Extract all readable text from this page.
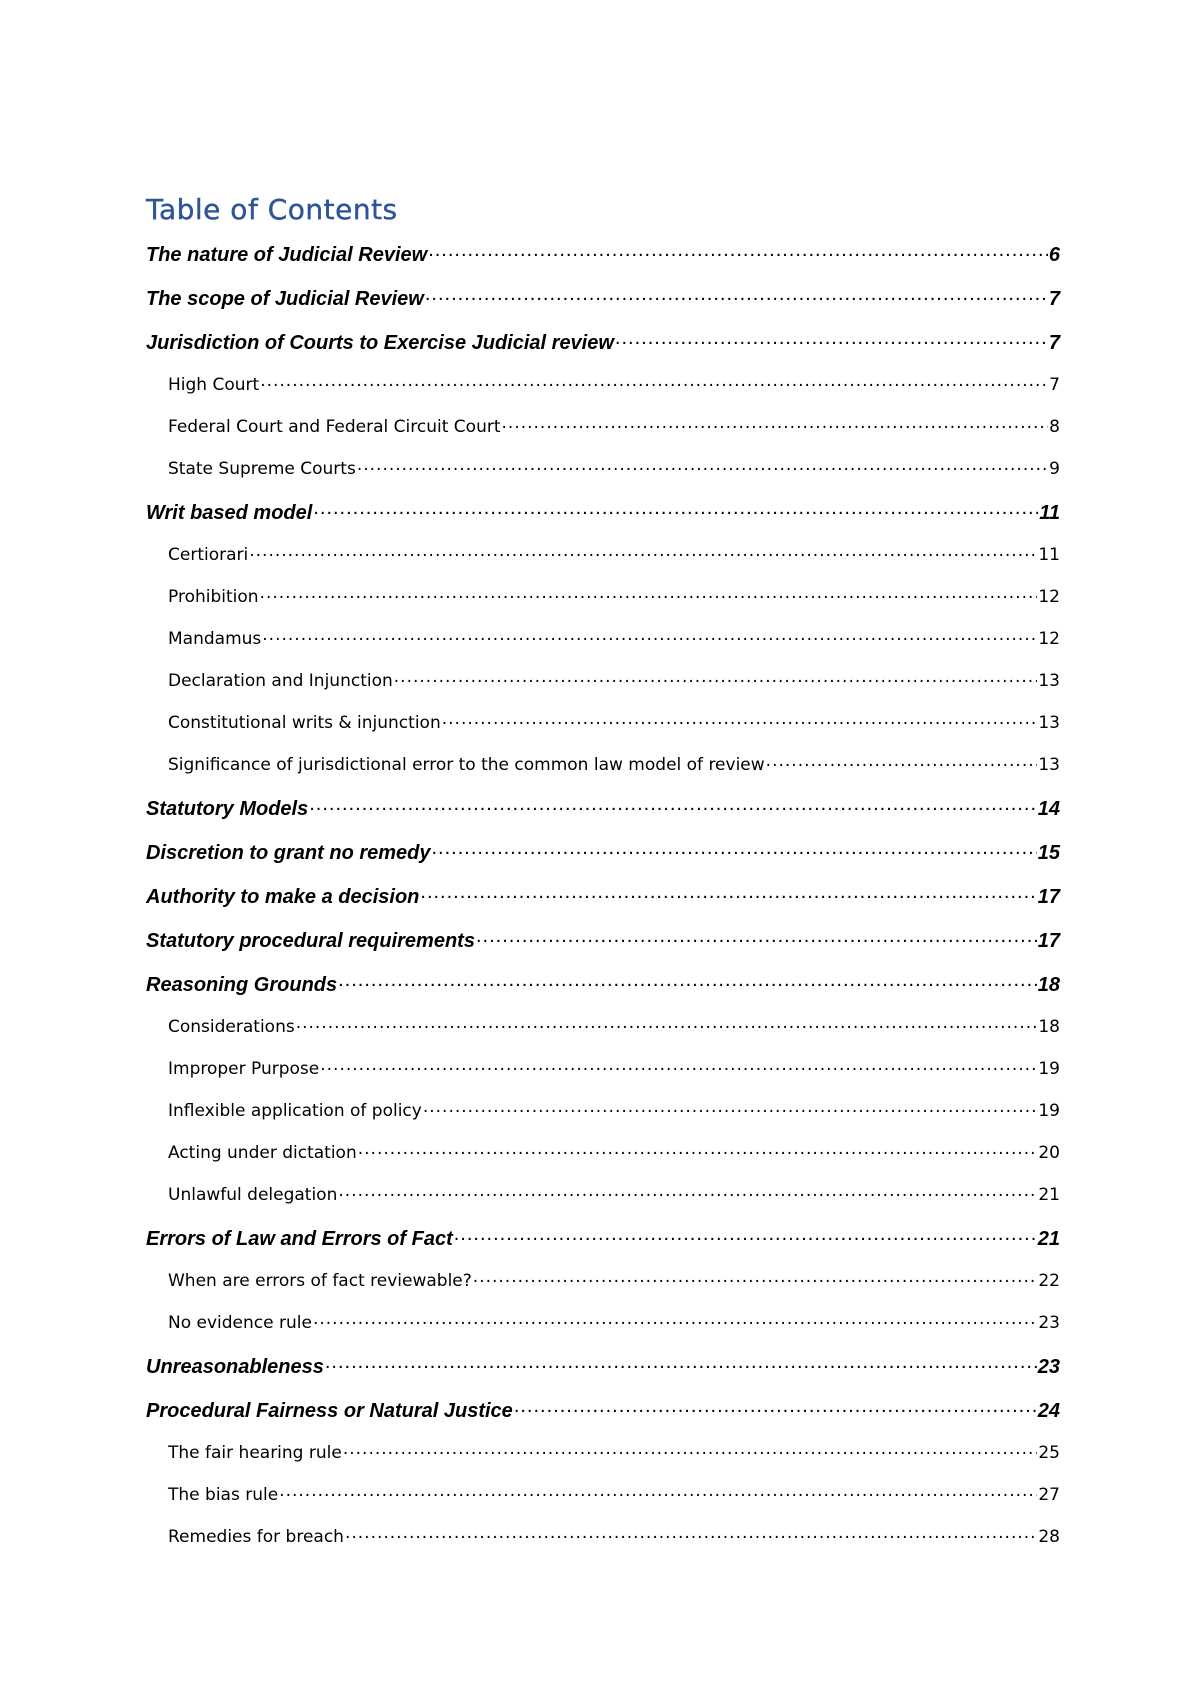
Table of Contents
The nature of Judicial Review .....	6
The scope of Judicial Review .....	7
Jurisdiction of Courts to Exercise Judicial review .....	7
High Court .....	7
Federal Court and Federal Circuit Court .....	8
State Supreme Courts .....	9
Writ based model .....	11
Certiorari .....	11
Prohibition .....	12
Mandamus .....	12
Declaration and Injunction .....	13
Constitutional writs & injunction .....	13
Significance of jurisdictional error to the common law model of review .....	13
Statutory Models .....	14
Discretion to grant no remedy .....	15
Authority to make a decision .....	17
Statutory procedural requirements .....	17
Reasoning Grounds .....	18
Considerations .....	18
Improper Purpose .....	19
Inflexible application of policy .....	19
Acting under dictation .....	20
Unlawful delegation .....	21
Errors of Law and Errors of Fact .....	21
When are errors of fact reviewable? .....	22
No evidence rule .....	23
Unreasonableness .....	23
Procedural Fairness or Natural Justice .....	24
The fair hearing rule .....	25
The bias rule .....	27
Remedies for breach .....	28
